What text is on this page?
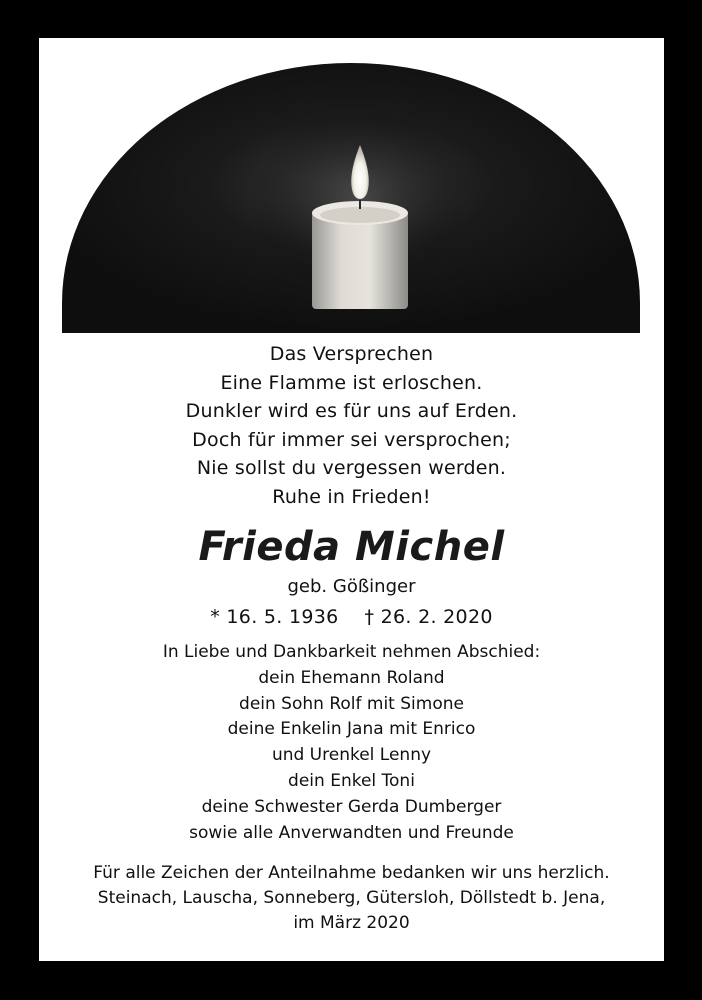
Das Versprechen
Eine Flamme ist erloschen.
Dunkler wird es für uns auf Erden.
Doch für immer sei versprochen;
Nie sollst du vergessen werden.
Ruhe in Frieden!
Frieda Michel
geb. Gößinger
* 16. 5. 1936 † 26. 2. 2020
In Liebe und Dankbarkeit nehmen Abschied:
dein Ehemann Roland
dein Sohn Rolf mit Simone
deine Enkelin Jana mit Enrico
und Urenkel Lenny
dein Enkel Toni
deine Schwester Gerda Dumberger
sowie alle Anverwandten und Freunde
Für alle Zeichen der Anteilnahme bedanken wir uns herzlich.
Steinach, Lauscha, Sonneberg, Gütersloh, Döllstedt b. Jena,
im März 2020
